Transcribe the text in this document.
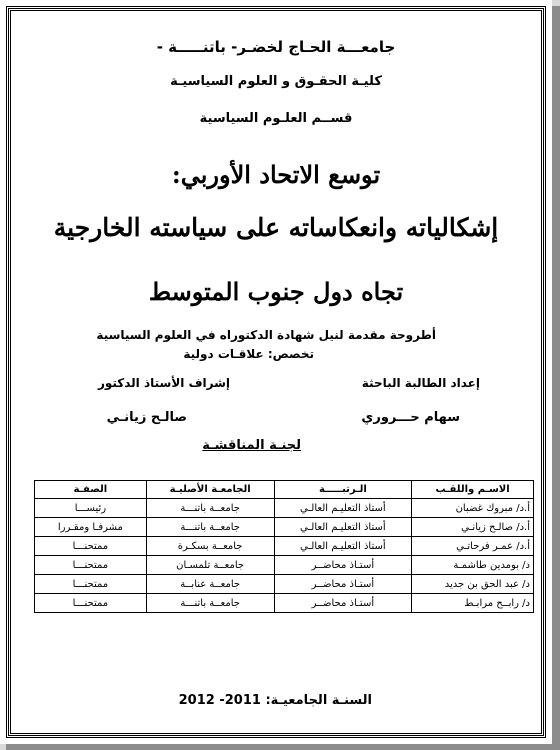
جامعـــة الحـاج لخضـر- باتنـــــة -
كليـة الحقـوق و العلوم السياسيـة
قســم العلـوم السياسية
توسع الاتحاد الأوربي:
إشكالياته وانعكاساته على سياسته الخارجية
تجاه دول جنوب المتوسط
أطروحة مقدمة لنيل شهادة الدكتوراه في العلوم السياسية
تخصص: علاقـات دولية
إعداد الطالبة الباحثة
إشراف الأستاذ الدكتور
سهام حـــروري
صالـح زيانـي
لجنـة المناقشـة
الاسـم واللقـب	الـرتبـــــة	الجامعـة الأصليـة	الصفـة
أ.د/ مبروك غضبان	أستاذ التعليـم العالـي	جامعــة باتنـــة	رئيســـا
أ.د/ صالـح زيانـي	أستاذ التعليـم العالـي	جامعــة باتنـــة	مشرفـا ومقـررا
أ.د/ عمـر فرحاتـي	أستاذ التعليـم العالـي	جامعــة بسكـرة	ممتحنـــا
د/ بومدين طاشمـة	أستـاذ محاضــر	جامعــة تلمسـان	ممتحنـــا
د/ عبد الحق بن جديد	أستـاذ محاضــر	جامعــة عنابــة	ممتحنـــا
د/ رابــح مرابـط	أستـاذ محاضــر	جامعــة باتنـــة	ممتحنـــا
السنـة الجامعيـة: 2011- 2012
